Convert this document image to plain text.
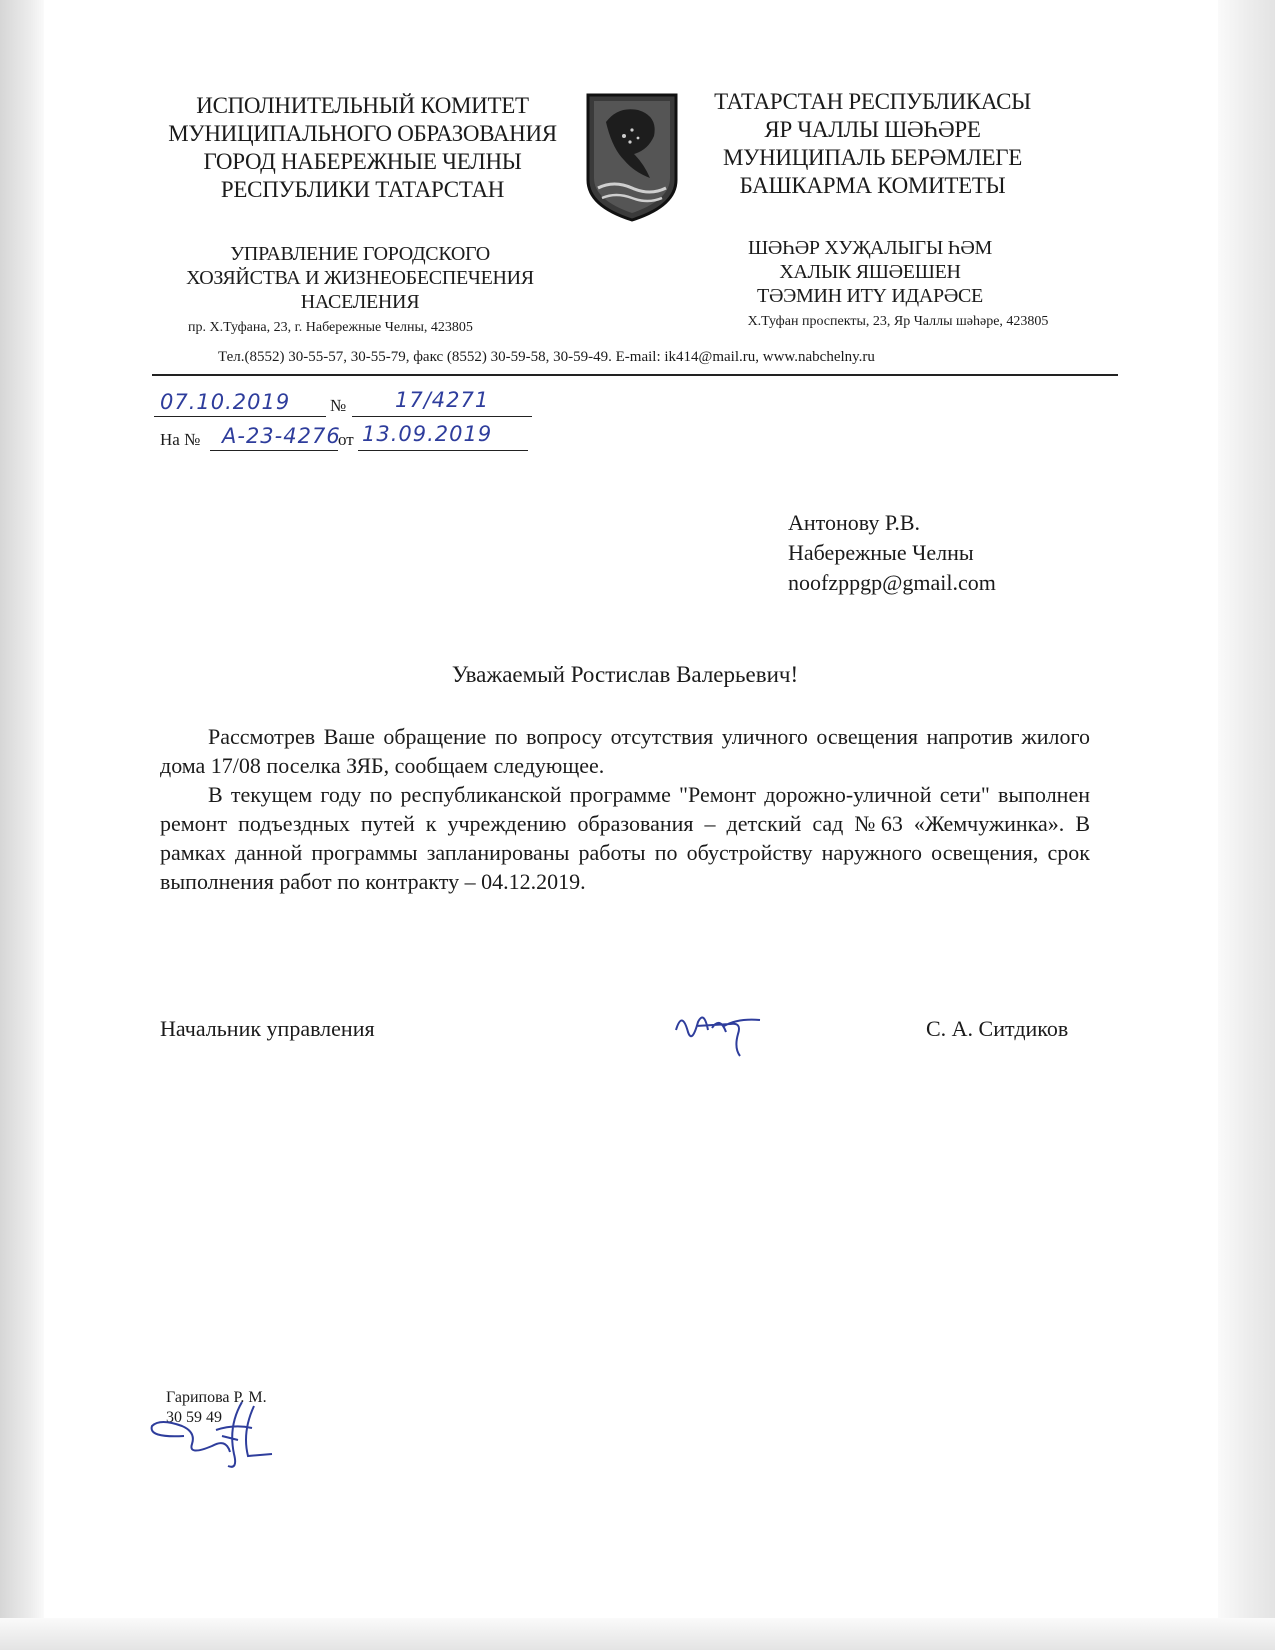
ИСПОЛНИТЕЛЬНЫЙ КОМИТЕТ
МУНИЦИПАЛЬНОГО ОБРАЗОВАНИЯ
ГОРОД НАБЕРЕЖНЫЕ ЧЕЛНЫ
РЕСПУБЛИКИ ТАТАРСТАН
УПРАВЛЕНИЕ ГОРОДСКОГО
ХОЗЯЙСТВА И ЖИЗНЕОБЕСПЕЧЕНИЯ
НАСЕЛЕНИЯ
пр. Х.Туфана, 23, г. Набережные Челны, 423805
ТАТАРСТАН РЕСПУБЛИКАСЫ
ЯР ЧАЛЛЫ ШӘҺӘРЕ
МУНИЦИПАЛЬ БЕРӘМЛЕГЕ
БАШКАРМА КОМИТЕТЫ
ШӘҺӘР ХУҖАЛЫГЫ ҺӘМ
ХАЛЫК ЯШӘЕШЕН
ТӘЭМИН ИТҮ ИДАРӘСЕ
Х.Туфан проспекты, 23, Яр Чаллы шәһәре, 423805
Тел.(8552) 30-55-57, 30-55-79, факс (8552) 30-59-58, 30-59-49. E-mail: ik414@mail.ru, www.nabchelny.ru
07.10.2019 № 17/4271
На № А-23-4276
от 13.09.2019
Антонову Р.В.
Набережные Челны
noofzppgp@gmail.com
Уважаемый Ростислав Валерьевич!

Рассмотрев Ваше обращение по вопросу отсутствия уличного освещения напротив жилого дома 17/08 поселка ЗЯБ, сообщаем следующее.

В текущем году по республиканской программе "Ремонт дорожно-уличной сети" выполнен ремонт подъездных путей к учреждению образования – детский сад №63 «Жемчужинка». В рамках данной программы запланированы работы по обустройству наружного освещения, срок выполнения работ по контракту – 04.12.2019.

Начальник управления	С. А. Ситдиков
Гарипова Р. М.
30 59 49
